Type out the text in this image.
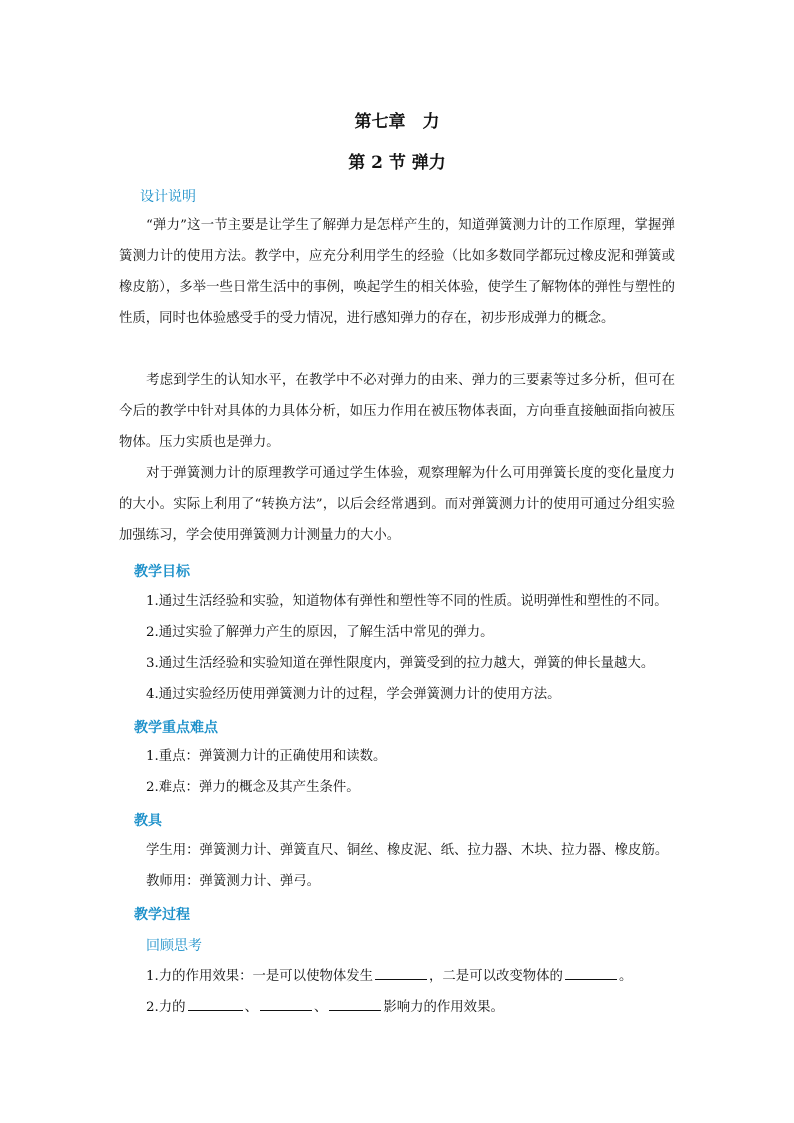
第七章　力
第 2 节 弹力
设计说明
“弹力”这一节主要是让学生了解弹力是怎样产生的，知道弹簧测力计的工作原理，掌握弹簧测力计的使用方法。教学中，应充分利用学生的经验（比如多数同学都玩过橡皮泥和弹簧或橡皮筋），多举一些日常生活中的事例，唤起学生的相关体验，使学生了解物体的弹性与塑性的性质，同时也体验感受手的受力情况，进行感知弹力的存在，初步形成弹力的概念。
考虑到学生的认知水平，在教学中不必对弹力的由来、弹力的三要素等过多分析，但可在今后的教学中针对具体的力具体分析，如压力作用在被压物体表面，方向垂直接触面指向被压物体。压力实质也是弹力。
对于弹簧测力计的原理教学可通过学生体验，观察理解为什么可用弹簧长度的变化量度力的大小。实际上利用了“转换方法”，以后会经常遇到。而对弹簧测力计的使用可通过分组实验加强练习，学会使用弹簧测力计测量力的大小。
教学目标
1.通过生活经验和实验，知道物体有弹性和塑性等不同的性质。说明弹性和塑性的不同。
2.通过实验了解弹力产生的原因，了解生活中常见的弹力。
3.通过生活经验和实验知道在弹性限度内，弹簧受到的拉力越大，弹簧的伸长量越大。
4.通过实验经历使用弹簧测力计的过程，学会弹簧测力计的使用方法。
教学重点难点
1.重点：弹簧测力计的正确使用和读数。
2.难点：弹力的概念及其产生条件。
教具
学生用：弹簧测力计、弹簧直尺、铜丝、橡皮泥、纸、拉力器、木块、拉力器、橡皮筋。
教师用：弹簧测力计、弹弓。
教学过程
回顾思考
1.力的作用效果：一是可以使物体发生	，二是可以改变物体的	。
2.力的	、	、	影响力的作用效果。
